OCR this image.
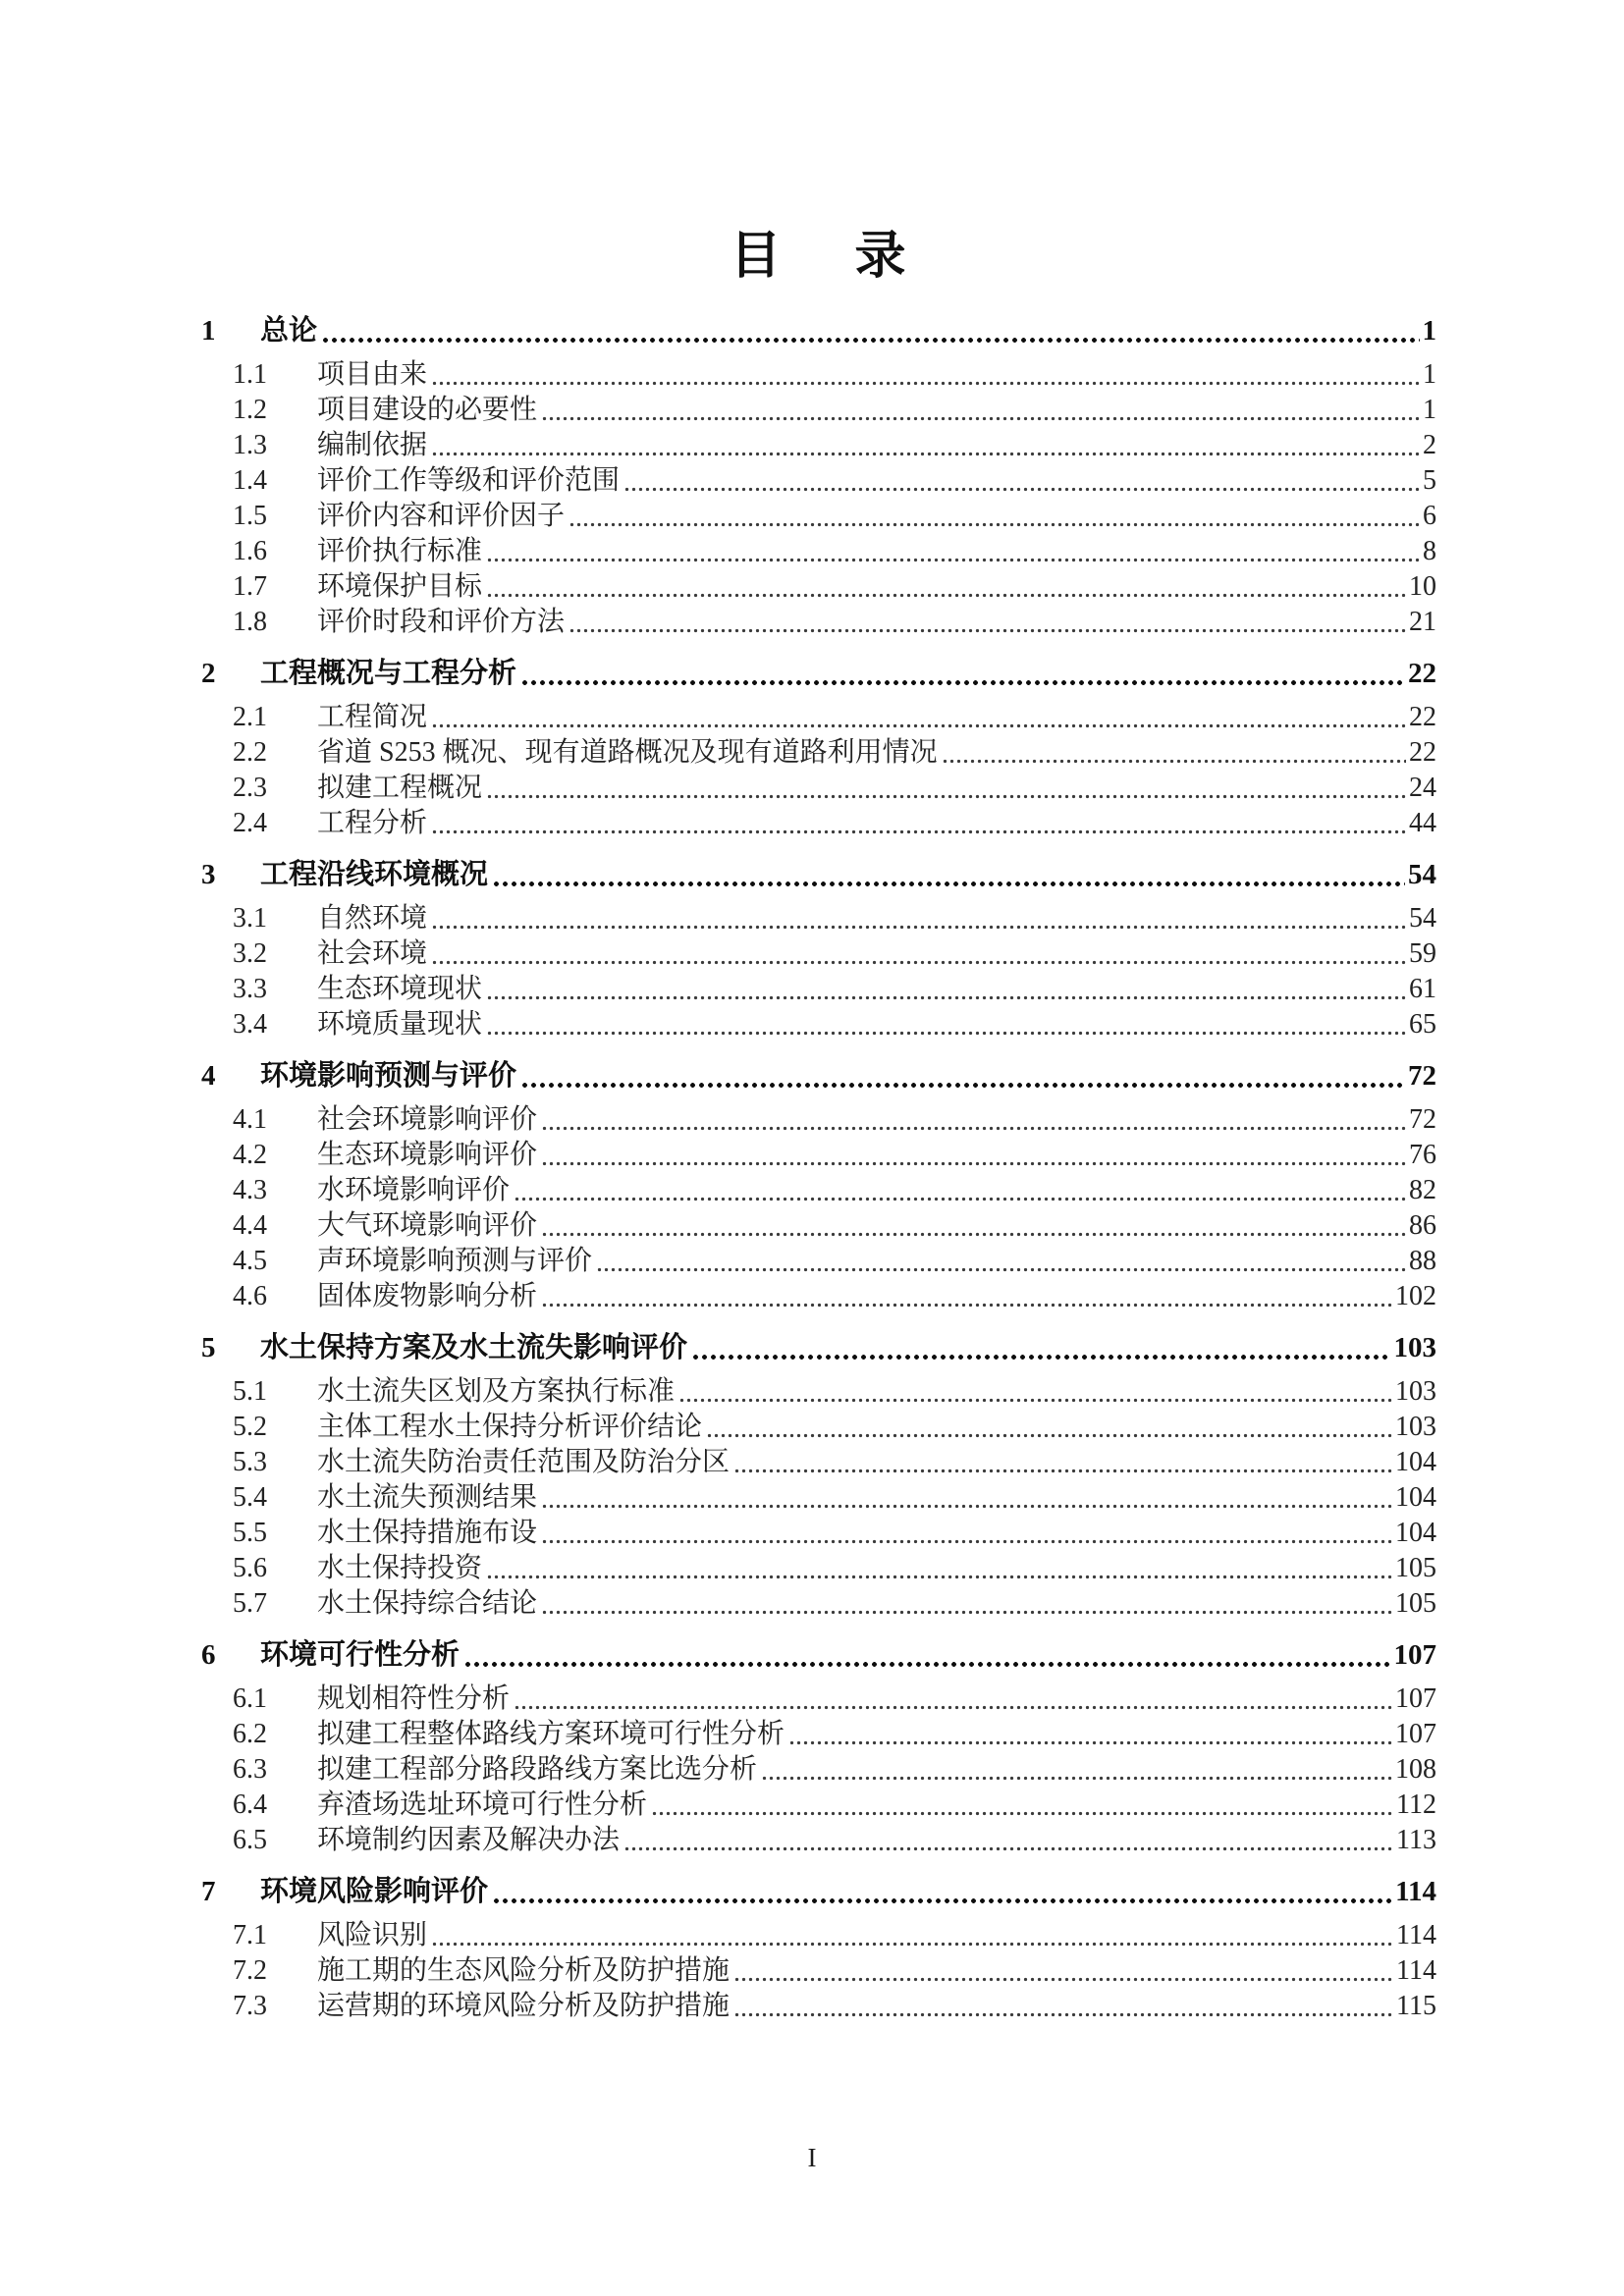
目 录
1	总论	1
1.1	项目由来	1
1.2	项目建设的必要性	1
1.3	编制依据	2
1.4	评价工作等级和评价范围	5
1.5	评价内容和评价因子	6
1.6	评价执行标准	8
1.7	环境保护目标	10
1.8	评价时段和评价方法	21
2	工程概况与工程分析	22
2.1	工程简况	22
2.2	省道 S253 概况、现有道路概况及现有道路利用情况	22
2.3	拟建工程概况	24
2.4	工程分析	44
3	工程沿线环境概况	54
3.1	自然环境	54
3.2	社会环境	59
3.3	生态环境现状	61
3.4	环境质量现状	65
4	环境影响预测与评价	72
4.1	社会环境影响评价	72
4.2	生态环境影响评价	76
4.3	水环境影响评价	82
4.4	大气环境影响评价	86
4.5	声环境影响预测与评价	88
4.6	固体废物影响分析	102
5	水土保持方案及水土流失影响评价	103
5.1	水土流失区划及方案执行标准	103
5.2	主体工程水土保持分析评价结论	103
5.3	水土流失防治责任范围及防治分区	104
5.4	水土流失预测结果	104
5.5	水土保持措施布设	104
5.6	水土保持投资	105
5.7	水土保持综合结论	105
6	环境可行性分析	107
6.1	规划相符性分析	107
6.2	拟建工程整体路线方案环境可行性分析	107
6.3	拟建工程部分路段路线方案比选分析	108
6.4	弃渣场选址环境可行性分析	112
6.5	环境制约因素及解决办法	113
7	环境风险影响评价	114
7.1	风险识别	114
7.2	施工期的生态风险分析及防护措施	114
7.3	运营期的环境风险分析及防护措施	115
I
